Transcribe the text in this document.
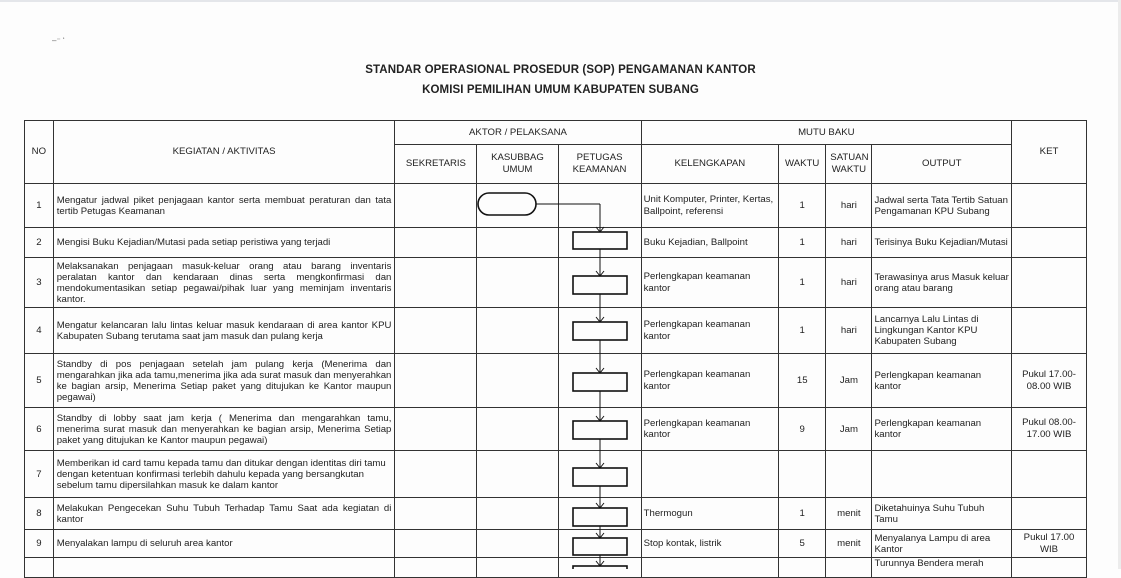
–⁻ ʻ
STANDAR OPERASIONAL PROSEDUR (SOP) PENGAMANAN KANTOR
KOMISI PEMILIHAN UMUM KABUPATEN SUBANG
NO	KEGIATAN / AKTIVITAS	AKTOR / PELAKSANA			MUTU BAKU				KET
		SEKRETARIS	KASUBBAG UMUM	PETUGAS KEAMANAN	KELENGKAPAN	WAKTU	SATUAN WAKTU	OUTPUT	
1	Mengatur jadwal piket penjagaan kantor serta membuat peraturan dan tata tertib Petugas Keamanan				Unit Komputer, Printer, Kertas, Ballpoint, referensi	1	hari	Jadwal serta Tata Tertib Satuan Pengamanan KPU Subang	
2	Mengisi Buku Kejadian/Mutasi pada setiap peristiwa yang terjadi				Buku Kejadian, Ballpoint	1	hari	Terisinya Buku Kejadian/Mutasi	
3	Melaksanakan penjagaan masuk-keluar orang atau barang inventaris peralatan kantor dan kendaraan dinas serta mengkonfirmasi dan mendokumentasikan setiap pegawai/pihak luar yang meminjam inventaris kantor.				Perlengkapan keamanan kantor	1	hari	Terawasinya arus Masuk keluar orang atau barang	
4	Mengatur kelancaran lalu lintas keluar masuk kendaraan di area kantor KPU Kabupaten Subang terutama saat jam masuk dan pulang kerja				Perlengkapan keamanan kantor	1	hari	Lancarnya Lalu Lintas di Lingkungan Kantor KPU Kabupaten Subang	
5	Standby di pos penjagaan setelah jam pulang kerja (Menerima dan mengarahkan jika ada tamu,menerima jika ada surat masuk dan menyerahkan ke bagian arsip, Menerima Setiap paket yang ditujukan ke Kantor maupun pegawai)				Perlengkapan keamanan kantor	15	Jam	Perlengkapan keamanan kantor	Pukul 17.00-08.00 WIB
6	Standby di lobby saat jam kerja ( Menerima dan mengarahkan tamu, menerima surat masuk dan menyerahkan ke bagian arsip, Menerima Setiap paket yang ditujukan ke Kantor maupun pegawai)				Perlengkapan keamanan kantor	9	Jam	Perlengkapan keamanan kantor	Pukul 08.00-17.00 WIB
7	Memberikan id card tamu kepada tamu dan ditukar dengan identitas diri tamu dengan ketentuan konfirmasi terlebih dahulu kepada yang bersangkutan sebelum tamu dipersilahkan masuk ke dalam kantor								
8	Melakukan Pengecekan Suhu Tubuh Terhadap Tamu Saat ada kegiatan di kantor				Thermogun	1	menit	Diketahuinya Suhu Tubuh Tamu	
9	Menyalakan lampu di seluruh area kantor				Stop kontak, listrik	5	menit	Menyalanya Lampu di area Kantor	Pukul 17.00 WIB
								Turunnya Bendera merah	
